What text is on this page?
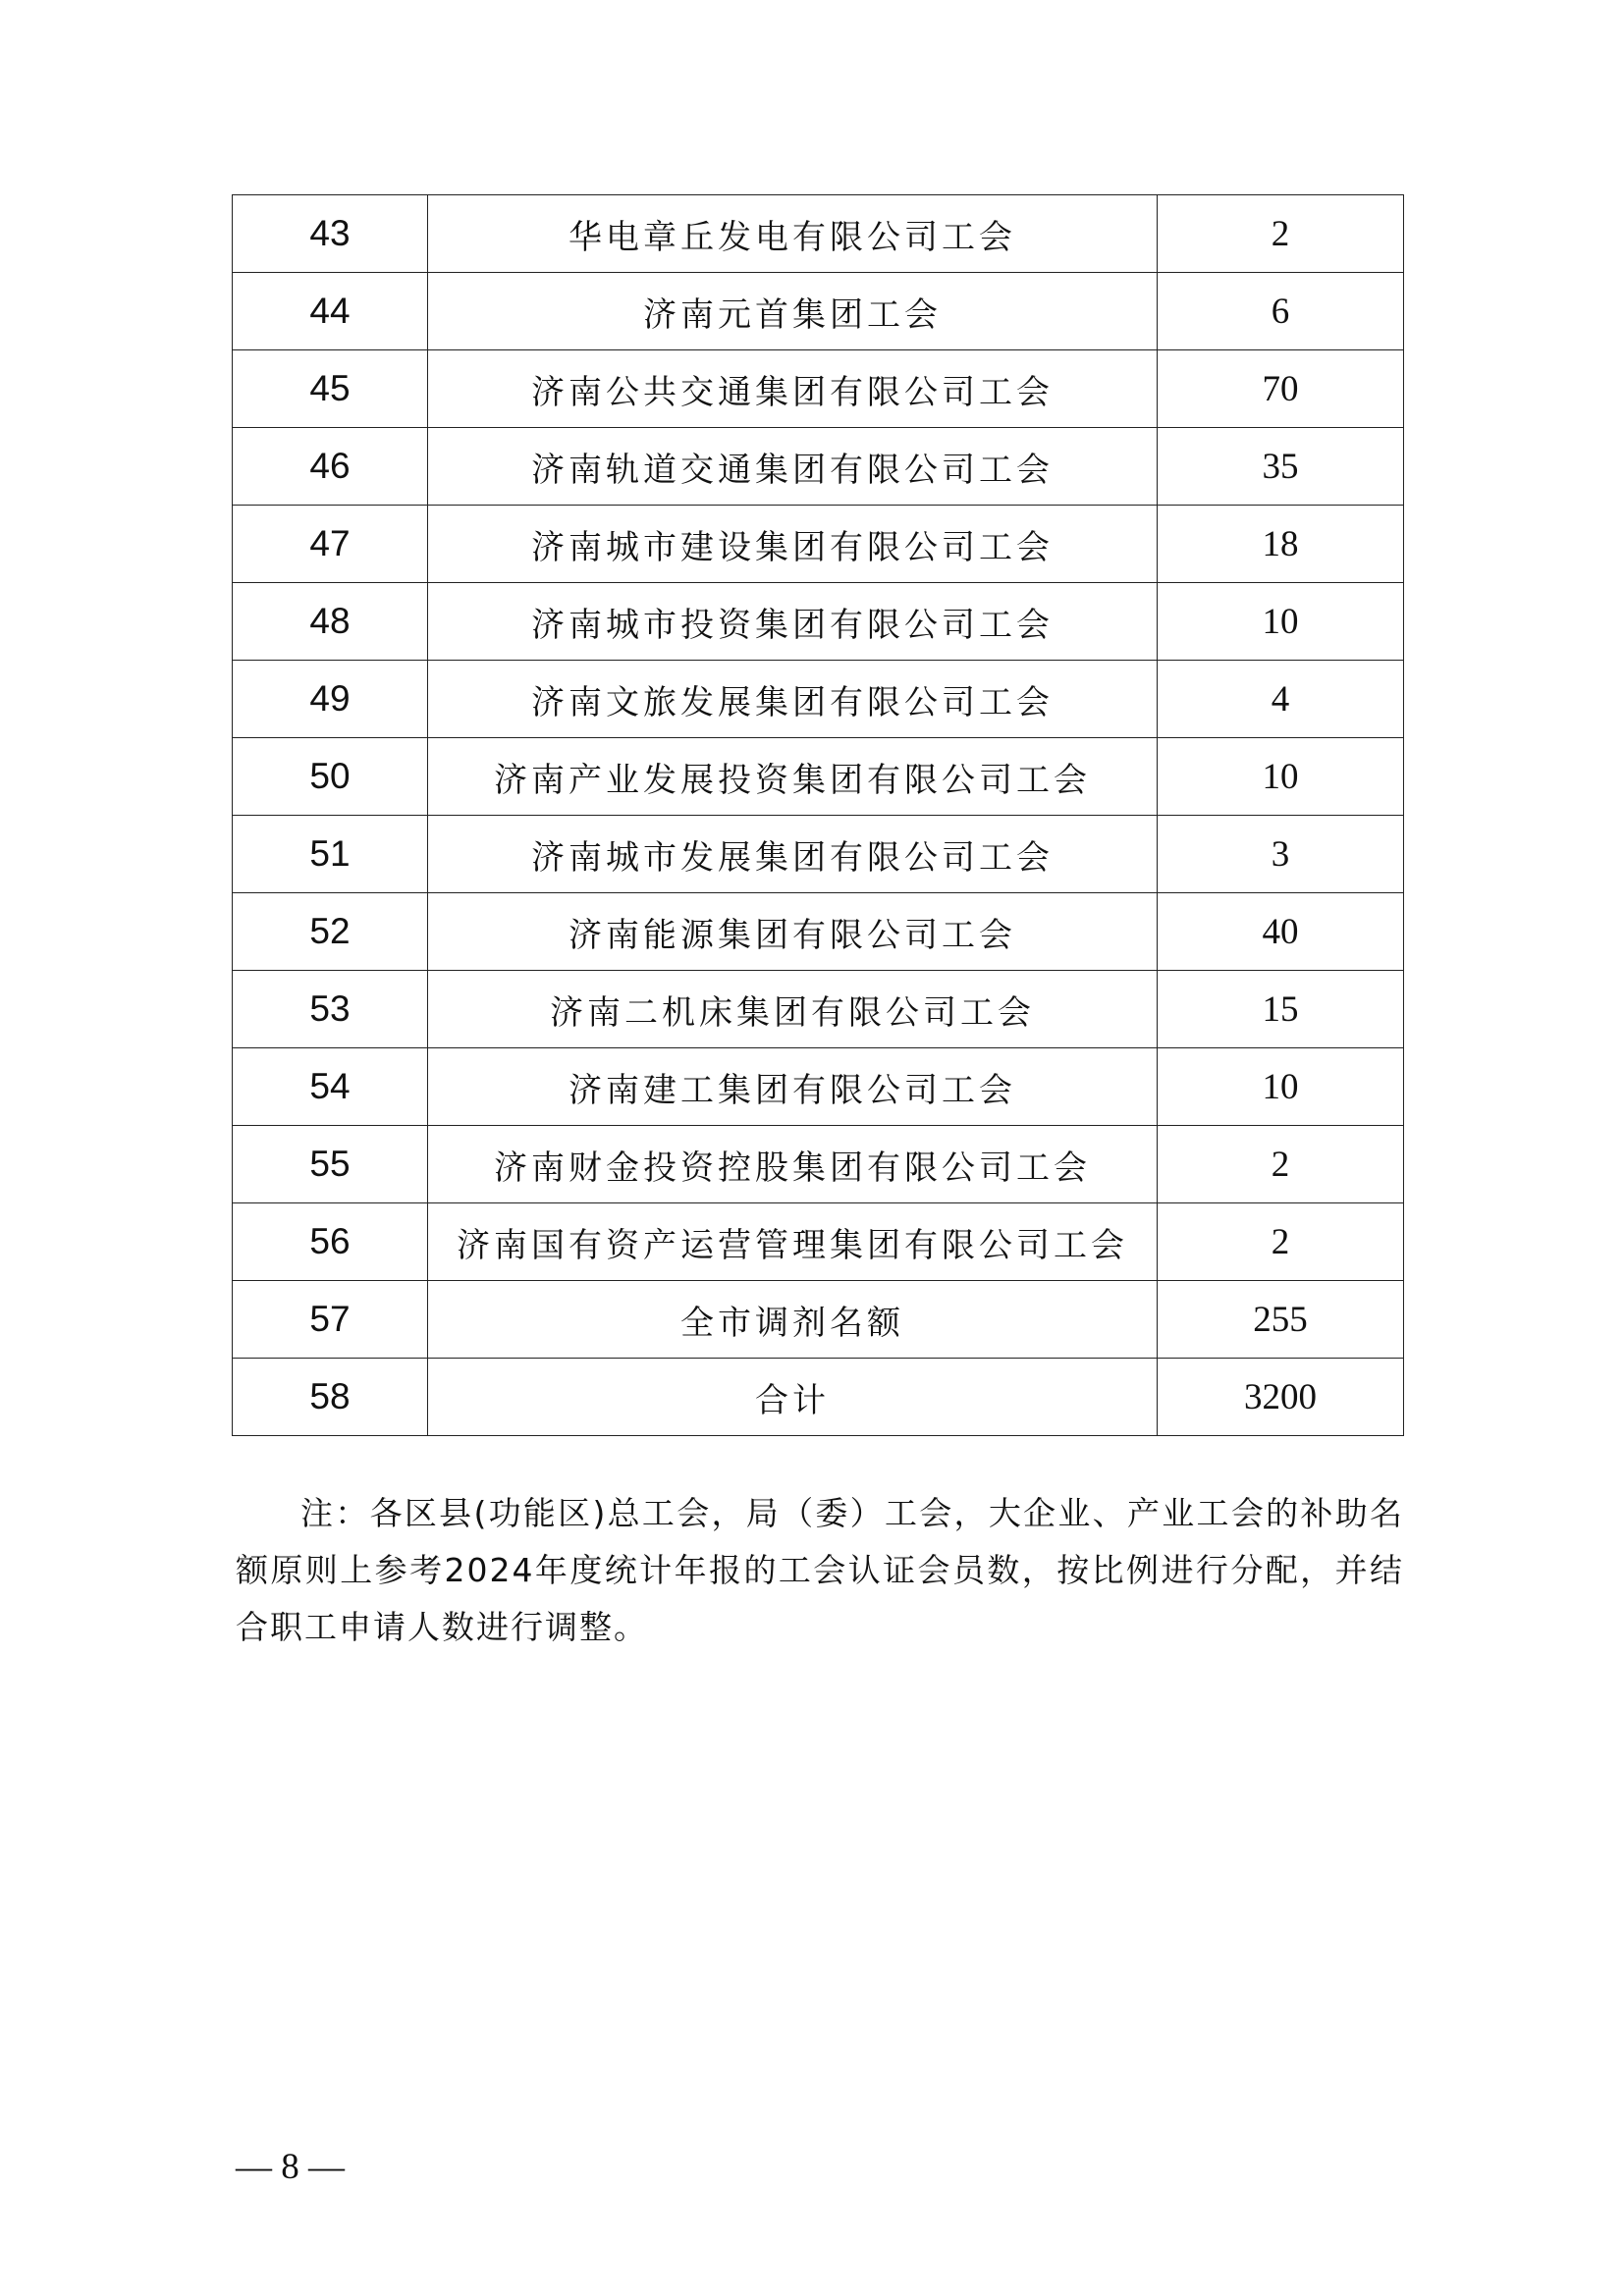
43	华电章丘发电有限公司工会	2
44	济南元首集团工会	6
45	济南公共交通集团有限公司工会	70
46	济南轨道交通集团有限公司工会	35
47	济南城市建设集团有限公司工会	18
48	济南城市投资集团有限公司工会	10
49	济南文旅发展集团有限公司工会	4
50	济南产业发展投资集团有限公司工会	10
51	济南城市发展集团有限公司工会	3
52	济南能源集团有限公司工会	40
53	济南二机床集团有限公司工会	15
54	济南建工集团有限公司工会	10
55	济南财金投资控股集团有限公司工会	2
56	济南国有资产运营管理集团有限公司工会	2
57	全市调剂名额	255
58	合计	3200

注：各区县(功能区)总工会，局（委）工会，大企业、产业工会的补助名额原则上参考2024年度统计年报的工会认证会员数，按比例进行分配，并结合职工申请人数进行调整。

— 8 —
